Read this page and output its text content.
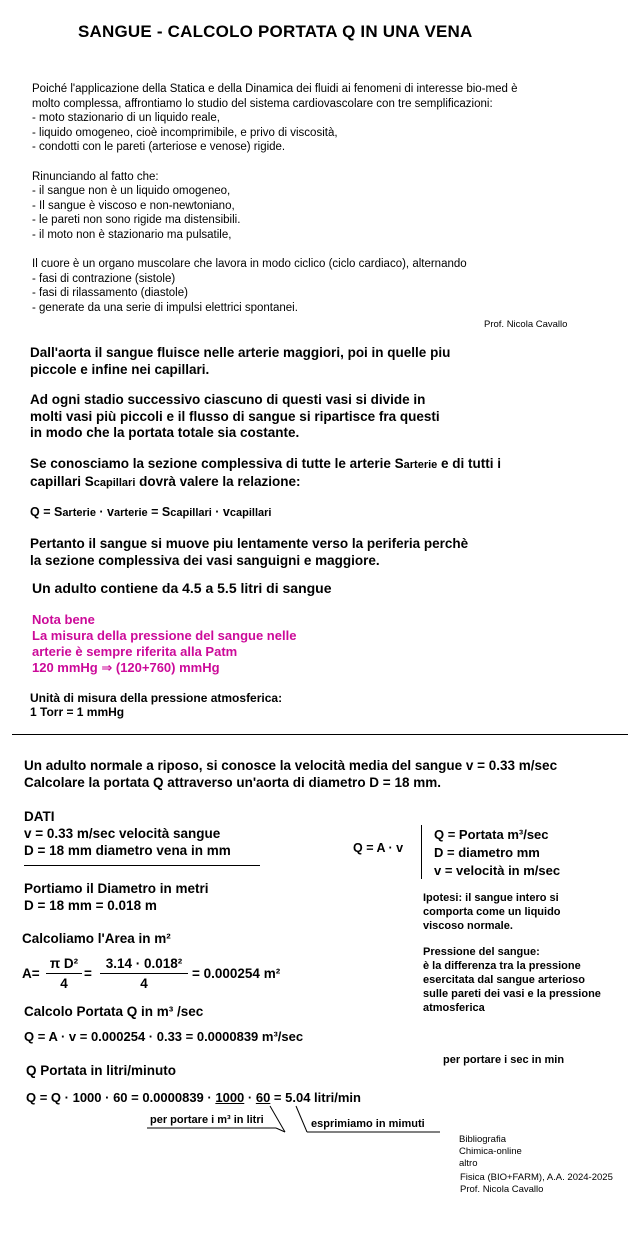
SANGUE - CALCOLO PORTATA Q IN UNA VENA

Poiché l'applicazione della Statica e della Dinamica dei fluidi ai fenomeni di interesse bio-med è

molto complessa, affrontiamo lo studio del sistema cardiovascolare con tre semplificazioni:

- moto stazionario di un liquido reale,

- liquido omogeneo, cioè incomprimibile, e privo di viscosità,

- condotti con le pareti (arteriose e venose) rigide.

Rinunciando al fatto che:

- il sangue non è un liquido omogeneo,

- Il sangue è viscoso e non-newtoniano,

- le pareti non sono rigide ma distensibili.

- il moto non è stazionario ma pulsatile,

Il cuore è un organo muscolare che lavora in modo ciclico (ciclo cardiaco), alternando

- fasi di contrazione (sistole)

- fasi di rilassamento (diastole)

- generate da una serie di impulsi elettrici spontanei.

Prof. Nicola Cavallo

Dall'aorta il sangue fluisce nelle arterie maggiori, poi in quelle piu

piccole e infine nei capillari.

Ad ogni stadio successivo ciascuno di questi vasi si divide in

molti vasi più piccoli e il flusso di sangue si ripartisce fra questi

in modo che la portata totale sia costante.

Se conosciamo la sezione complessiva di tutte le arterie Sarterie e di tutti i

capillari Scapillari dovrà valere la relazione:

Q = Sarterie · varterie = Scapillari · vcapillari

Pertanto il sangue si muove piu lentamente verso la periferia perchè

la sezione complessiva dei vasi sanguigni e maggiore.

Un adulto contiene da 4.5 a 5.5 litri di sangue

Nota bene

La misura della pressione del sangue nelle

arterie è sempre riferita alla Patm

120 mmHg ⇒ (120+760) mmHg

Unità di misura della pressione atmosferica:

1 Torr = 1 mmHg

Un adulto normale a riposo, si conosce la velocità media del sangue v = 0.33 m/sec

Calcolare la portata Q attraverso un'aorta di diametro D = 18 mm.

DATI

v = 0.33 m/sec velocità sangue

D = 18 mm diametro vena in mm	Q = A · v

Q = Portata m³/sec

D = diametro mm

v = velocità in m/sec

Portiamo il Diametro in metri

D = 18 mm = 0.018 m	Ipotesi: il sangue intero si

comporta come un liquido

viscoso normale.

Calcoliamo l'Area in m²
A=
π D²
4
=
3.14 · 0.018²
4
= 0.000254 m²

Pressione del sangue:

è la differenza tra la pressione

esercitata dal sangue arterioso

sulle pareti dei vasi e la pressione

atmosferica

Calcolo Portata Q in m³ /sec
Q = A · v = 0.000254 · 0.33 = 0.0000839 m³/sec
per portare i sec in min
Q Portata in litri/minuto
Q = Q · 1000 · 60 = 0.0000839 · 1000 · 60 = 5.04 litri/min
per portare i m³ in litri	esprimiamo in mimuti

Bibliografia

Chimica-online

altro

Fisica (BIO+FARM), A.A. 2024-2025

Prof. Nicola Cavallo
